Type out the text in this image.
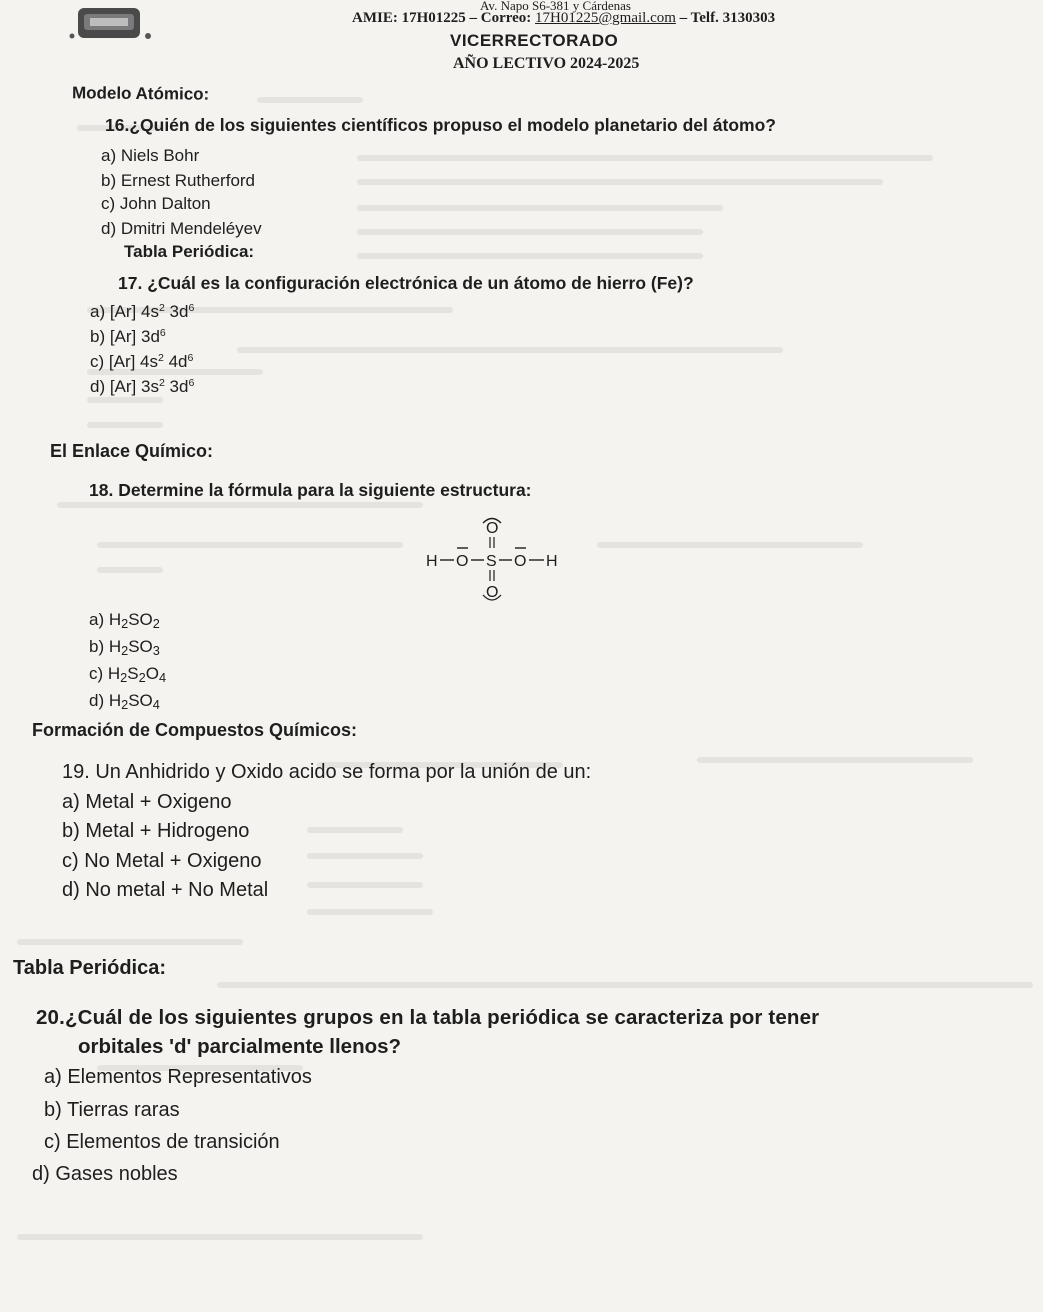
Av. Napo S6-381 y Cárdenas
AMIE: 17H01225 – Correo: 17H01225@gmail.com – Telf. 3130303
VICERRECTORADO
AÑO LECTIVO 2024-2025
Modelo Atómico:
16.¿Quién de los siguientes científicos propuso el modelo planetario del átomo?
a) Niels Bohr
b) Ernest Rutherford
c) John Dalton
d) Dmitri Mendeléyev
Tabla Periódica:
17. ¿Cuál es la configuración electrónica de un átomo de hierro (Fe)?
a) [Ar] $4s^2$ $3d^6$
b) [Ar] $3d^6$
c) [Ar] $4s^2$ $4d^6$
d) [Ar] $3s^2$ $3d^6$
El Enlace Químico:
18. Determine la fórmula para la siguiente estructura:
H O S O H
O
O
a) $H_2SO_2$
b) $H_2SO_3$
c) $H_2S_2O_4$
d) $H_2SO_4$
Formación de Compuestos Químicos:
19. Un Anhidrido y Oxido acido se forma por la unión de un:
a) Metal + Oxigeno
b) Metal + Hidrogeno
c) No Metal + Oxigeno
d) No metal + No Metal
Tabla Periódica:
20.¿Cuál de los siguientes grupos en la tabla periódica se caracteriza por tener
orbitales 'd' parcialmente llenos?
a) Elementos Representativos
b) Tierras raras
c) Elementos de transición
d) Gases nobles
